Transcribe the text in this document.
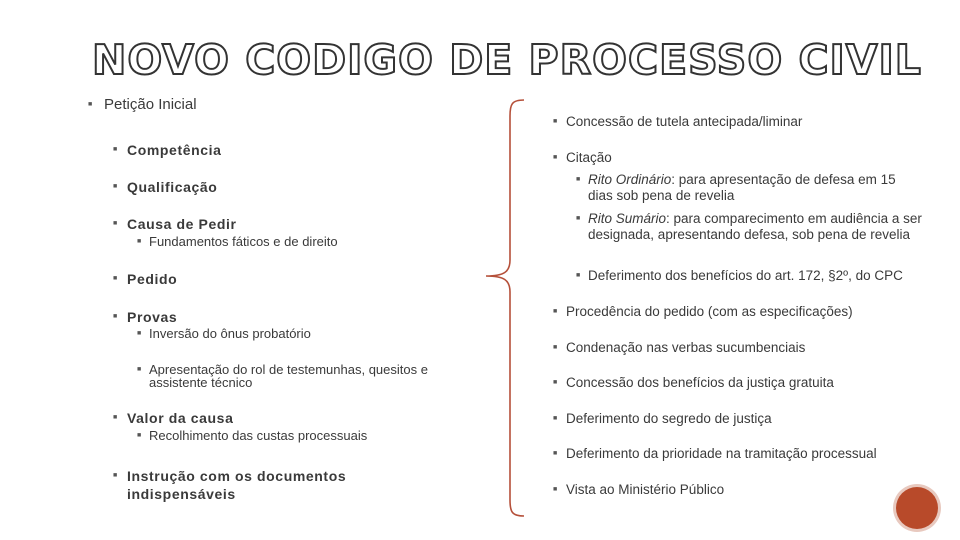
NOVO CODIGO DE PROCESSO CIVIL
■ Petição Inicial
■ Competência
■ Qualificação
■ Causa de Pedir
■ Fundamentos fáticos e de direito
■ Pedido
■ Provas
■ Inversão do ônus probatório
■ Apresentação do rol de testemunhas, quesitos e
assistente técnico
■ Valor da causa
■ Recolhimento das custas processuais
■ Instrução com os documentos
indispensáveis
■ Concessão de tutela antecipada/liminar
■ Citação
■ Rito Ordinário: para apresentação de defesa em 15 dias sob pena de revelia
■ Rito Sumário: para comparecimento em audiência a ser designada, apresentando defesa, sob pena de revelia
■ Deferimento dos benefícios do art. 172, §2º, do CPC
■ Procedência do pedido (com as especificações)
■ Condenação nas verbas sucumbenciais
■ Concessão dos benefícios da justiça gratuita
■ Deferimento do segredo de justiça
■ Deferimento da prioridade na tramitação processual
■ Vista ao Ministério Público
